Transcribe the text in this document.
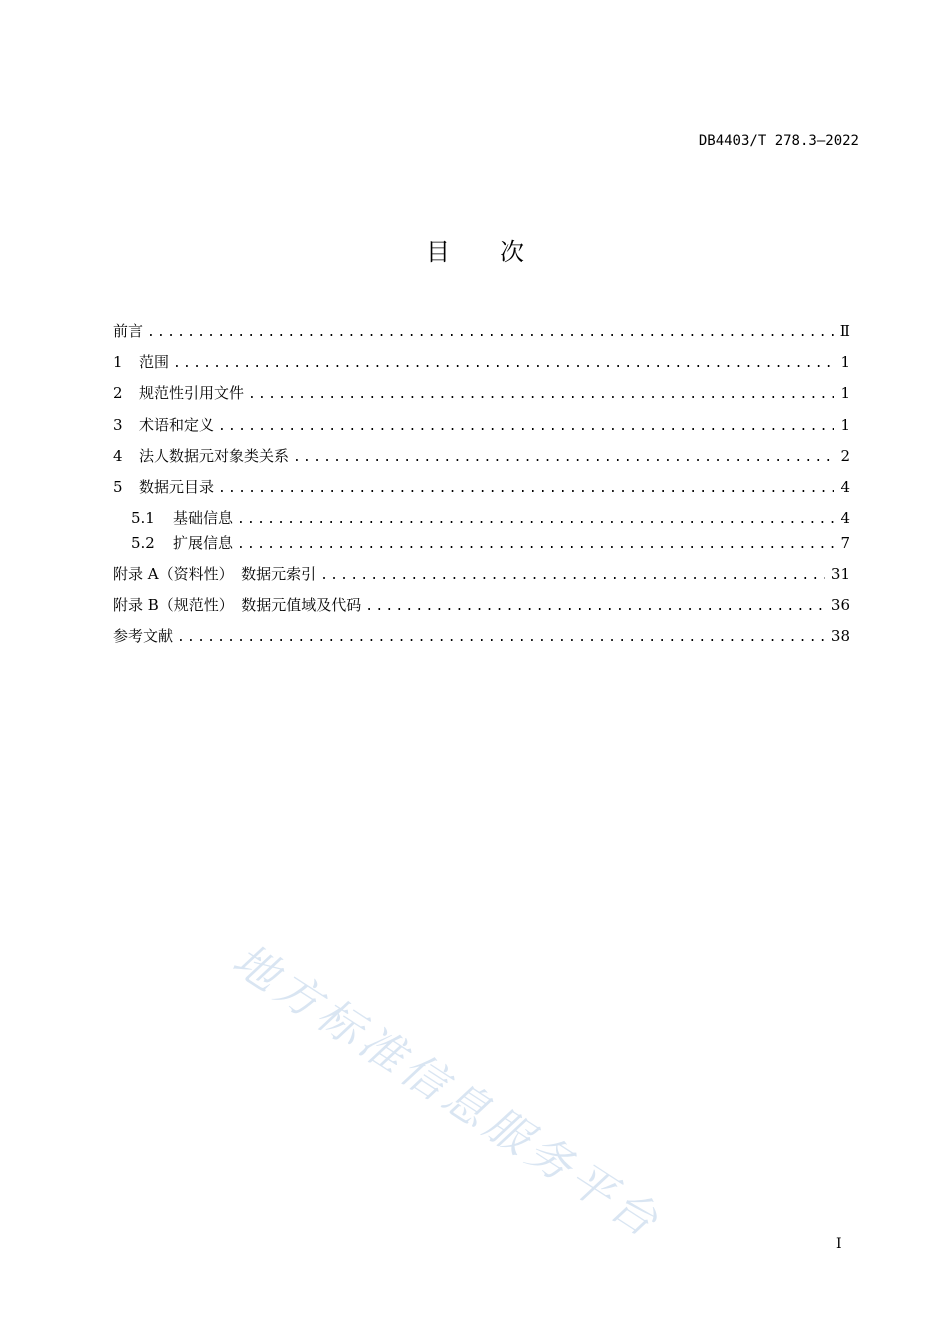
DB4403/T 278.3—2022
目 次
前言 .....	Ⅱ
1	范围 .....	1
2	规范性引用文件 .....	1
3	术语和定义 .....	1
4	法人数据元对象类关系 .....	2
5	数据元目录 .....	4
5.1	基础信息 .....	4
5.2	扩展信息 .....	7
附录 A（资料性）　数据元索引 .....	31
附录 B（规范性）　数据元值域及代码 .....	36
参考文献 .....	38
地方标准信息服务平台	I
